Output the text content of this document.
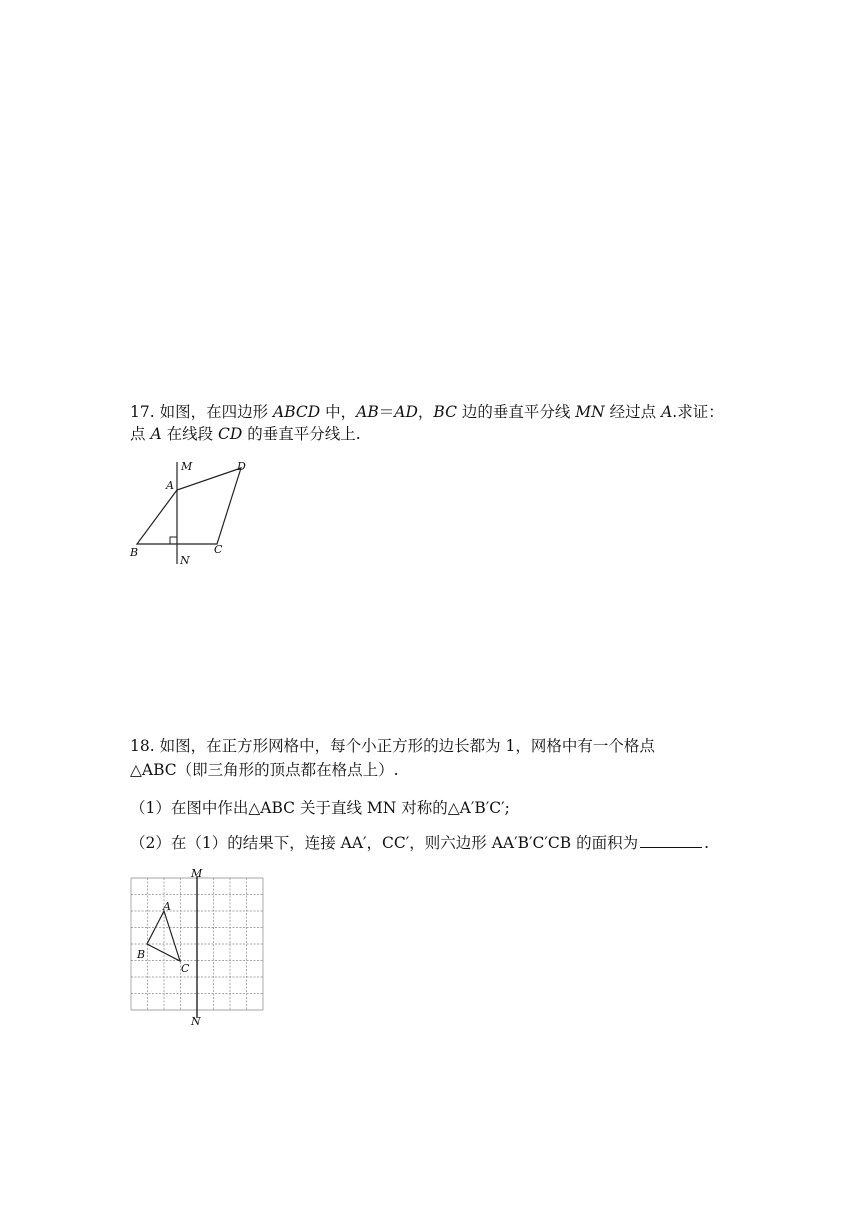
17. 如图，在四边形 ABCD 中，AB＝AD，BC 边的垂直平分线 MN 经过点 A.求证：
点 A 在线段 CD 的垂直平分线上.
M	D
A
B	C
N
18. 如图，在正方形网格中，每个小正方形的边长都为 1，网格中有一个格点
△ABC（即三角形的顶点都在格点上）.
（1）在图中作出△ABC 关于直线 MN 对称的△A′B′C′;
（2）在（1）的结果下，连接 AA′，CC′，则六边形 AA′B′C′CB 的面积为	.
M
N
A
B
C
